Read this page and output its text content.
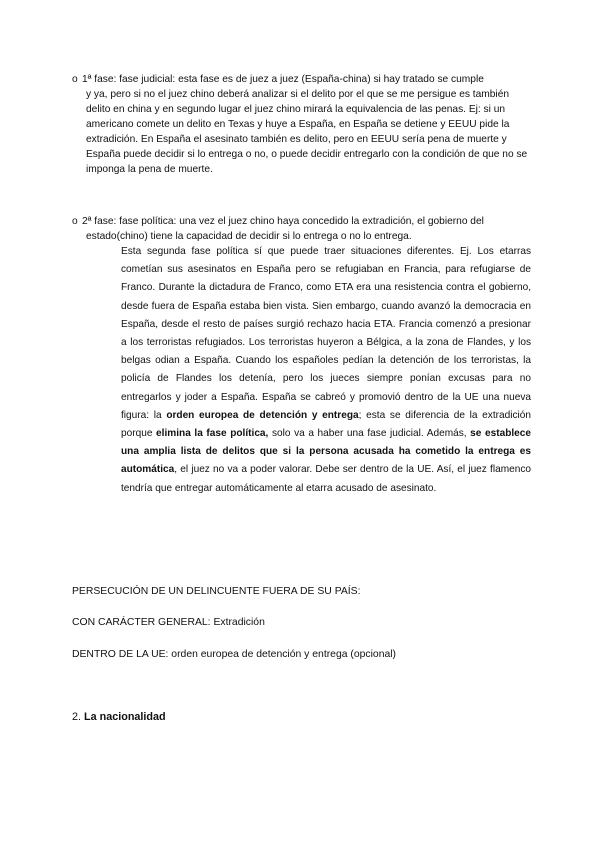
o 1ª fase: fase judicial: esta fase es de juez a juez (España-china) si hay tratado se cumple
y ya, pero si no el juez chino deberá analizar si el delito por el que se me persigue es también delito en china y en segundo lugar el juez chino mirará la equivalencia de las penas. Ej: si un americano comete un delito en Texas y huye a España, en España se detiene y EEUU pide la extradición. En España el asesinato también es delito, pero en EEUU sería pena de muerte y España puede decidir si lo entrega o no, o puede decidir entregarlo con la condición de que no se imponga la pena de muerte.
o 2ª fase: fase política: una vez el juez chino haya concedido la extradición, el gobierno del
estado(chino) tiene la capacidad de decidir si lo entrega o no lo entrega.
Esta segunda fase política sí que puede traer situaciones diferentes. Ej. Los etarras cometían sus asesinatos en España pero se refugiaban en Francia, para refugiarse de Franco. Durante la dictadura de Franco, como ETA era una resistencia contra el gobierno, desde fuera de España estaba bien vista. Sien embargo, cuando avanzó la democracia en España, desde el resto de países surgió rechazo hacia ETA. Francia comenzó a presionar a los terroristas refugiados. Los terroristas huyeron a Bélgica, a la zona de Flandes, y los belgas odian a España. Cuando los españoles pedían la detención de los terroristas, la policía de Flandes los detenía, pero los jueces siempre ponían excusas para no entregarlos y joder a España. España se cabreó y promovió dentro de la UE una nueva figura: la orden europea de detención y entrega; esta se diferencia de la extradición porque elimina la fase política, solo va a haber una fase judicial. Además, se establece una amplia lista de delitos que si la persona acusada ha cometido la entrega es automática, el juez no va a poder valorar. Debe ser dentro de la UE. Así, el juez flamenco tendría que entregar automáticamente al etarra acusado de asesinato.
PERSECUCIÓN DE UN DELINCUENTE FUERA DE SU PAÍS:
CON CARÁCTER GENERAL: Extradición
DENTRO DE LA UE: orden europea de detención y entrega (opcional)
2. La nacionalidad
